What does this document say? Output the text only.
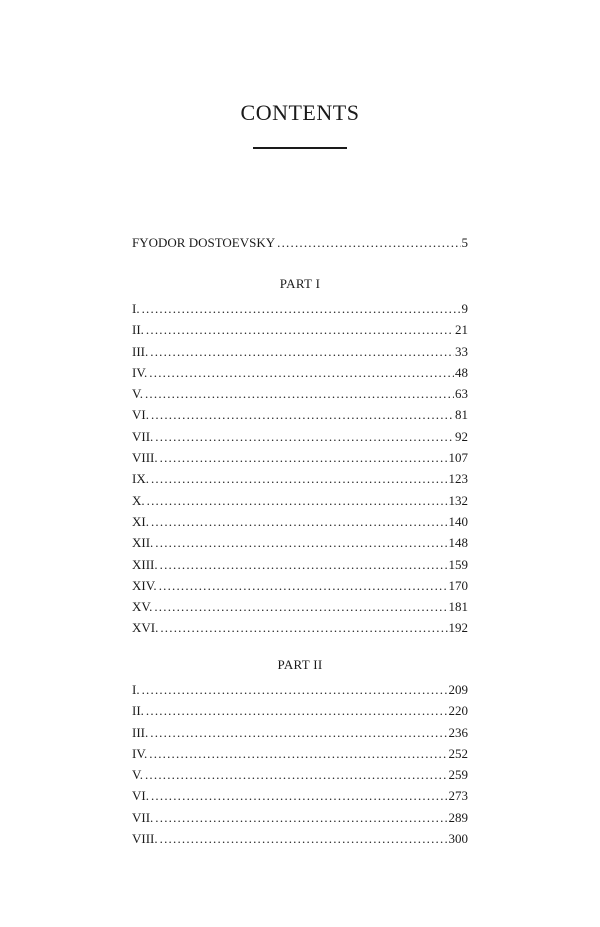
CONTENTS
FYODOR DOSTOEVSKY .....	5
PART I
I. .....	9
II. .....	21
III. .....	33
IV. .....	48
V. .....	63
VI. .....	81
VII. .....	92
VIII. .....	107
IX. .....	123
X. .....	132
XI. .....	140
XII. .....	148
XIII. .....	159
XIV. .....	170
XV. .....	181
XVI. .....	192
PART II
I. .....	209
II. .....	220
III. .....	236
IV. .....	252
V. .....	259
VI. .....	273
VII. .....	289
VIII. .....	300
